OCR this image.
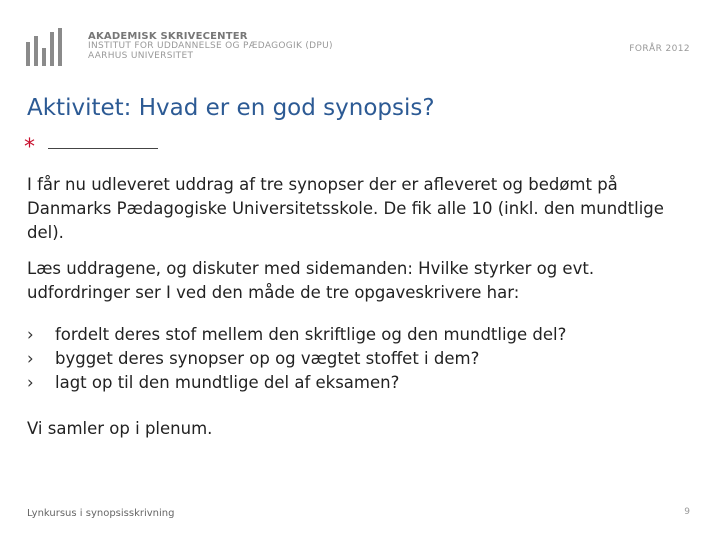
AKADEMISK SKRIVECENTER
INSTITUT FOR UDDANNELSE OG PÆDAGOGIK (DPU)
AARHUS UNIVERSITET
FORÅR 2012
Aktivitet: Hvad er en god synopsis?
*

I får nu udleveret uddrag af tre synopser der er afleveret og bedømt på Danmarks Pædagogiske Universitetsskole. De fik alle 10 (inkl. den mundtlige del).

Læs uddragene, og diskuter med sidemanden: Hvilke styrker og evt. udfordringer ser I ved den måde de tre opgaveskrivere har:

›	fordelt deres stof mellem den skriftlige og den mundtlige del?
›	bygget deres synopser op og vægtet stoffet i dem?
›	lagt op til den mundtlige del af eksamen?

Vi samler op i plenum.

Lynkursus i synopsisskrivning	9
